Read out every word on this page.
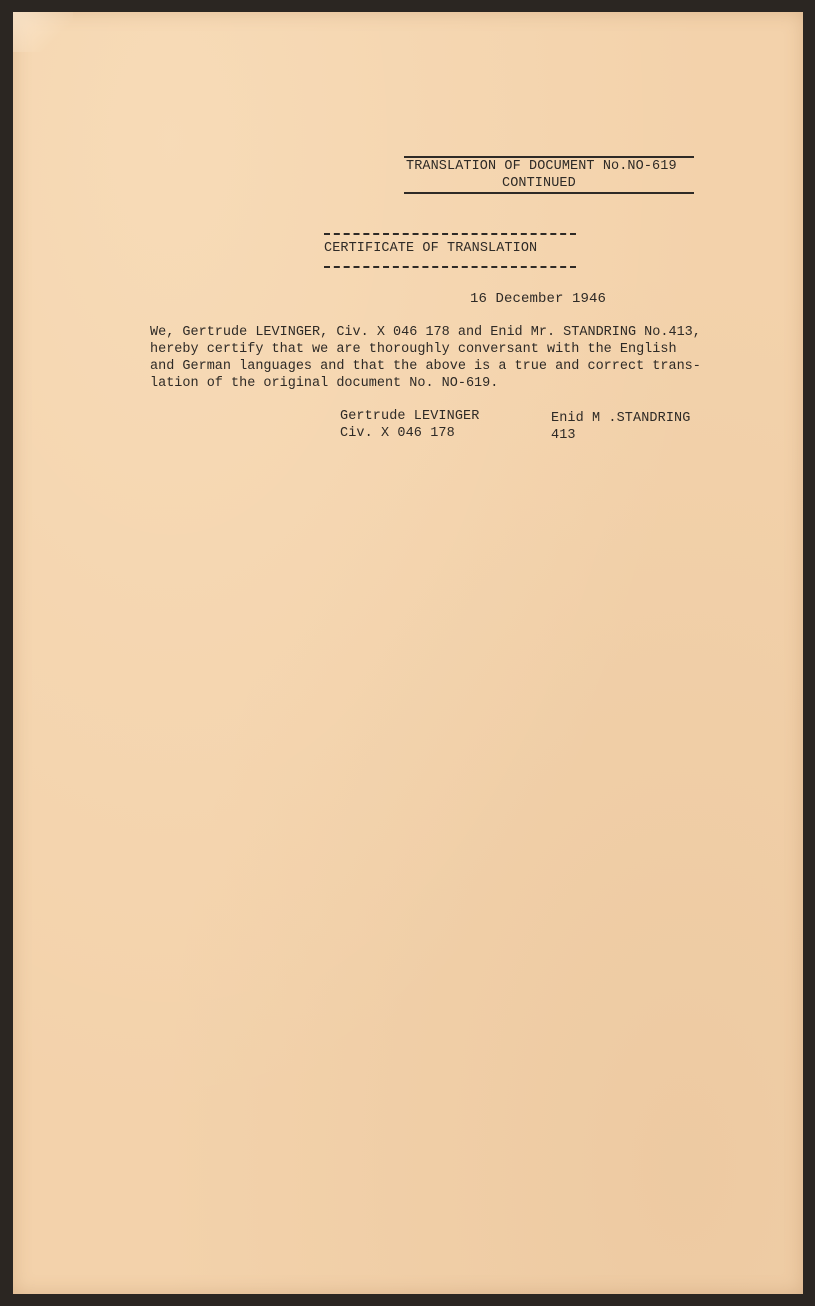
TRANSLATION OF DOCUMENT No.NO-619
CONTINUED
CERTIFICATE OF TRANSLATION
16 December 1946
We, Gertrude LEVINGER, Civ. X 046 178 and Enid Mr. STANDRING No.413,
hereby certify that we are thoroughly conversant with the English
and German languages and that the above is a true and correct trans-
lation of the original document No. NO-619.
Gertrude LEVINGER
Civ. X 046 178
Enid M .STANDRING
413
